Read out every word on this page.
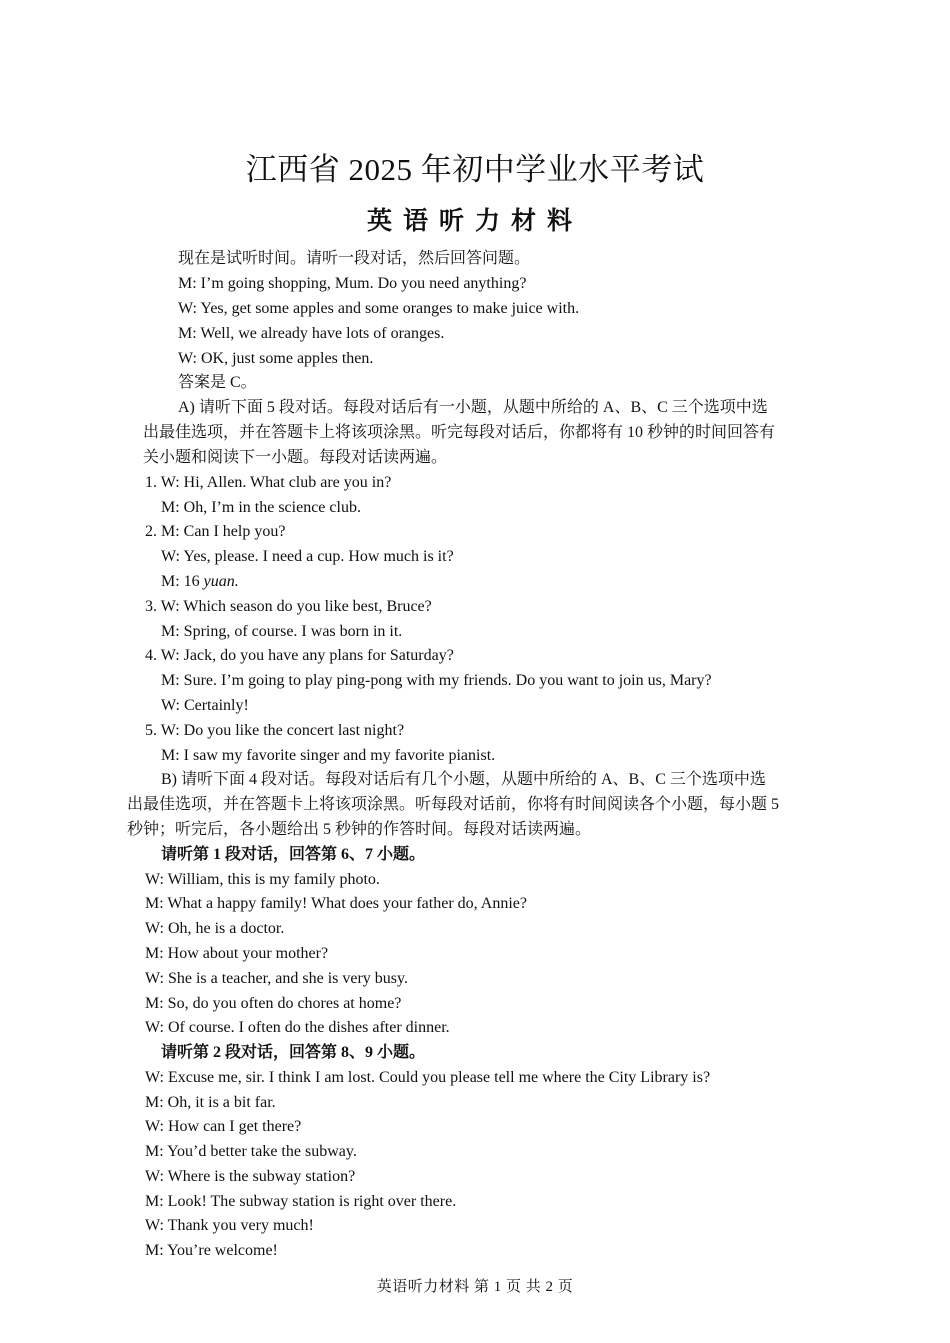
江西省 2025 年初中学业水平考试
英语听力材料
现在是试听时间。请听一段对话，然后回答问题。
M: I’m going shopping, Mum. Do you need anything?
W: Yes, get some apples and some oranges to make juice with.
M: Well, we already have lots of oranges.
W: OK, just some apples then.
答案是 C。
A) 请听下面 5 段对话。每段对话后有一小题，从题中所给的 A、B、C 三个选项中选
出最佳选项，并在答题卡上将该项涂黑。听完每段对话后，你都将有 10 秒钟的时间回答有
关小题和阅读下一小题。每段对话读两遍。
1. W: Hi, Allen. What club are you in?
M: Oh, I’m in the science club.
2. M: Can I help you?
W: Yes, please. I need a cup. How much is it?
M: 16 yuan.
3. W: Which season do you like best, Bruce?
M: Spring, of course. I was born in it.
4. W: Jack, do you have any plans for Saturday?
M: Sure. I’m going to play ping-pong with my friends. Do you want to join us, Mary?
W: Certainly!
5. W: Do you like the concert last night?
M: I saw my favorite singer and my favorite pianist.
B) 请听下面 4 段对话。每段对话后有几个小题，从题中所给的 A、B、C 三个选项中选
出最佳选项，并在答题卡上将该项涂黑。听每段对话前，你将有时间阅读各个小题，每小题 5
秒钟；听完后，各小题给出 5 秒钟的作答时间。每段对话读两遍。
请听第 1 段对话，回答第 6、7 小题。
W: William, this is my family photo.
M: What a happy family! What does your father do, Annie?
W: Oh, he is a doctor.
M: How about your mother?
W: She is a teacher, and she is very busy.
M: So, do you often do chores at home?
W: Of course. I often do the dishes after dinner.
请听第 2 段对话，回答第 8、9 小题。
W: Excuse me, sir. I think I am lost. Could you please tell me where the City Library is?
M: Oh, it is a bit far.
W: How can I get there?
M: You’d better take the subway.
W: Where is the subway station?
M: Look! The subway station is right over there.
W: Thank you very much!
M: You’re welcome!
英语听力材料 第 1 页 共 2 页
